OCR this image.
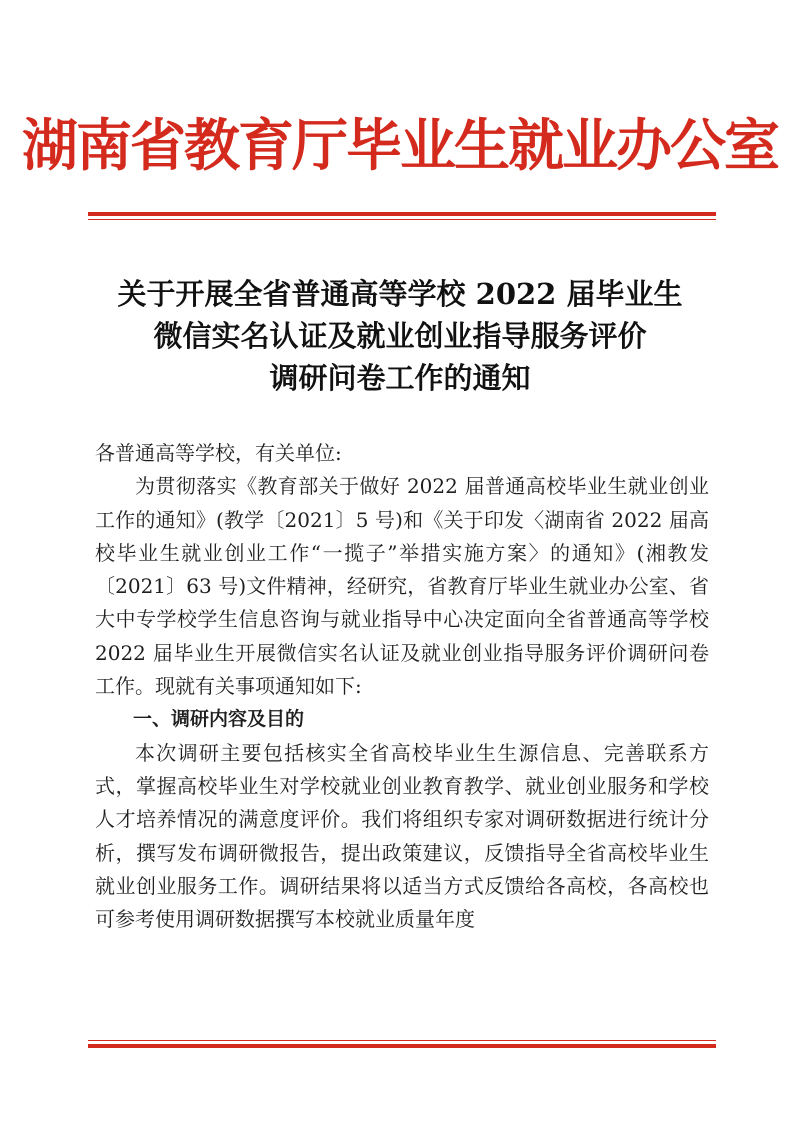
湖南省教育厅毕业生就业办公室
关于开展全省普通高等学校 2022 届毕业生
微信实名认证及就业创业指导服务评价
调研问卷工作的通知

各普通高等学校，有关单位:

为贯彻落实《教育部关于做好 2022 届普通高校毕业生就业创业工作的通知》(教学〔2021〕5 号)和《关于印发〈湖南省 2022 届高校毕业生就业创业工作“一揽子”举措实施方案〉的通知》(湘教发〔2021〕63 号)文件精神，经研究，省教育厅毕业生就业办公室、省大中专学校学生信息咨询与就业指导中心决定面向全省普通高等学校 2022 届毕业生开展微信实名认证及就业创业指导服务评价调研问卷工作。现就有关事项通知如下:

一、调研内容及目的

本次调研主要包括核实全省高校毕业生生源信息、完善联系方式，掌握高校毕业生对学校就业创业教育教学、就业创业服务和学校人才培养情况的满意度评价。我们将组织专家对调研数据进行统计分析，撰写发布调研微报告，提出政策建议，反馈指导全省高校毕业生就业创业服务工作。调研结果将以适当方式反馈给各高校，各高校也可参考使用调研数据撰写本校就业质量年度
